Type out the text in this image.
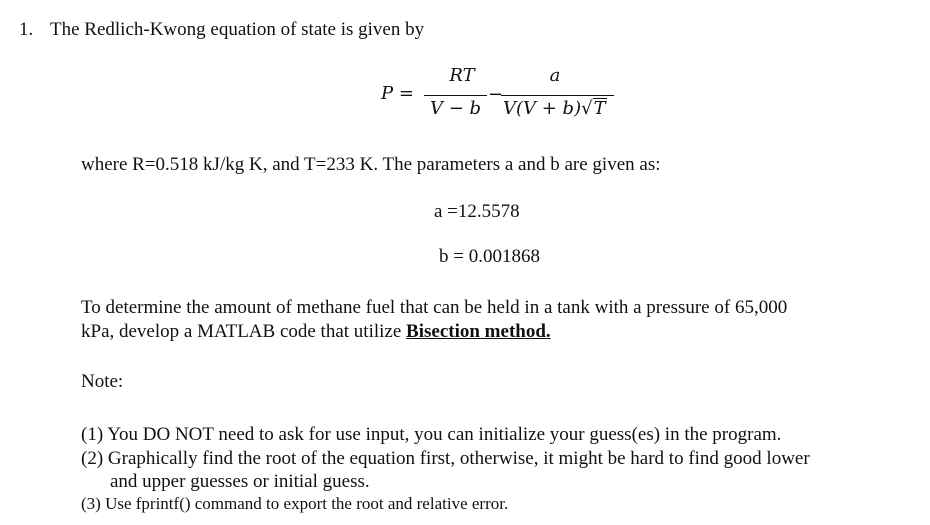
1. The Redlich-Kwong equation of state is given by
P =
RT
V − b
−
a
V(V + b)√T
where R=0.518 kJ/kg K, and T=233 K. The parameters a and b are given as:
a =12.5578
b = 0.001868
To determine the amount of methane fuel that can be held in a tank with a pressure of 65,000
kPa, develop a MATLAB code that utilize Bisection method.
Note:
(1) You DO NOT need to ask for use input, you can initialize your guess(es) in the program.
(2) Graphically find the root of the equation first, otherwise, it might be hard to find good lower
and upper guesses or initial guess.
(3) Use fprintf() command to export the root and relative error.
